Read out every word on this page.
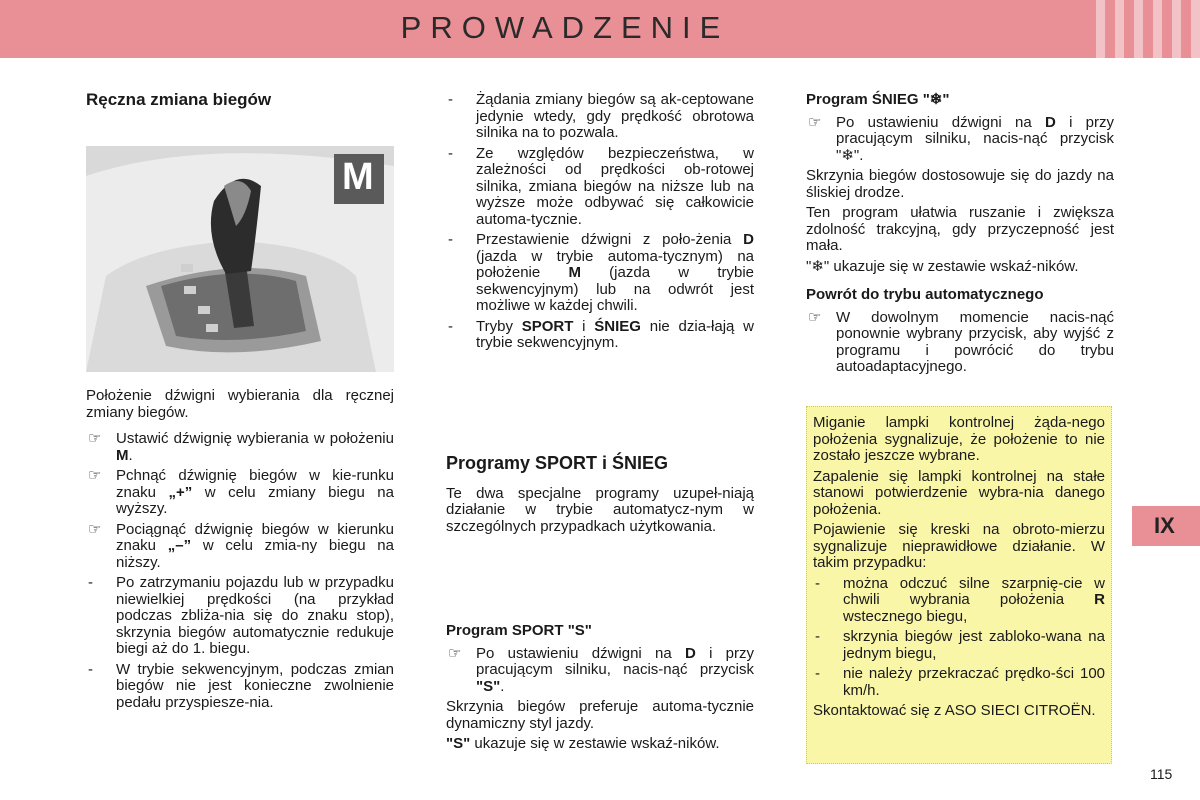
PROWADZENIE

Ręczna zmiana biegów

M

Położenie dźwigni wybierania dla ręcznej zmiany biegów.

☞ Ustawić dźwignię wybierania w położeniu M.
☞ Pchnąć dźwignię biegów w kie-runku znaku „+” w celu zmiany biegu na wyższy.
☞ Pociągnąć dźwignię biegów w kierunku znaku „–” w celu zmia-ny biegu na niższy.
- Po zatrzymaniu pojazdu lub w przypadku niewielkiej prędkości (na przykład podczas zbliża-nia się do znaku stop), skrzynia biegów automatycznie redukuje biegi aż do 1. biegu.
- W trybie sekwencyjnym, podczas zmian biegów nie jest konieczne zwolnienie pedału przyspiesze-nia.
- Żądania zmiany biegów są ak-ceptowane jedynie wtedy, gdy prędkość obrotowa silnika na to pozwala.
- Ze względów bezpieczeństwa, w zależności od prędkości ob-rotowej silnika, zmiana biegów na niższe lub na wyższe może odbywać się całkowicie automa-tycznie.
- Przestawienie dźwigni z poło-żenia D (jazda w trybie automa-tycznym) na położenie M (jazda w trybie sekwencyjnym) lub na odwrót jest możliwe w każdej chwili.
- Tryby SPORT i ŚNIEG nie dzia-łają w trybie sekwencyjnym.

Programy SPORT i ŚNIEG

Te dwa specjalne programy uzupeł-niają działanie w trybie automatycz-nym w szczególnych przypadkach użytkowania.

Program SPORT "S"

☞ Po ustawieniu dźwigni na D i przy pracującym silniku, nacis-nąć przycisk "S".

Skrzynia biegów preferuje automa-tycznie dynamiczny styl jazdy.

"S" ukazuje się w zestawie wskaź-ników.

Program ŚNIEG "❄"

☞ Po ustawieniu dźwigni na D i przy pracującym silniku, nacis-nąć przycisk "❄".

Skrzynia biegów dostosowuje się do jazdy na śliskiej drodze.

Ten program ułatwia ruszanie i zwiększa zdolność trakcyjną, gdy przyczepność jest mała.

"❄" ukazuje się w zestawie wskaź-ników.

Powrót do trybu automatycznego

☞ W dowolnym momencie nacis-nąć ponownie wybrany przycisk, aby wyjść z programu i powrócić do trybu autoadaptacyjnego.

Miganie lampki kontrolnej żąda-nego położenia sygnalizuje, że położenie to nie zostało jeszcze wybrane.

Zapalenie się lampki kontrolnej na stałe stanowi potwierdzenie wybra-nia danego położenia.

Pojawienie się kreski na obroto-mierzu sygnalizuje nieprawidłowe działanie. W takim przypadku:

- można odczuć silne szarpnię-cie w chwili wybrania położenia R wstecznego biegu,
- skrzynia biegów jest zabloko-wana na jednym biegu,
- nie należy przekraczać prędko-ści 100 km/h.

Skontaktować się z ASO SIECI CITROËN.

IX
115
